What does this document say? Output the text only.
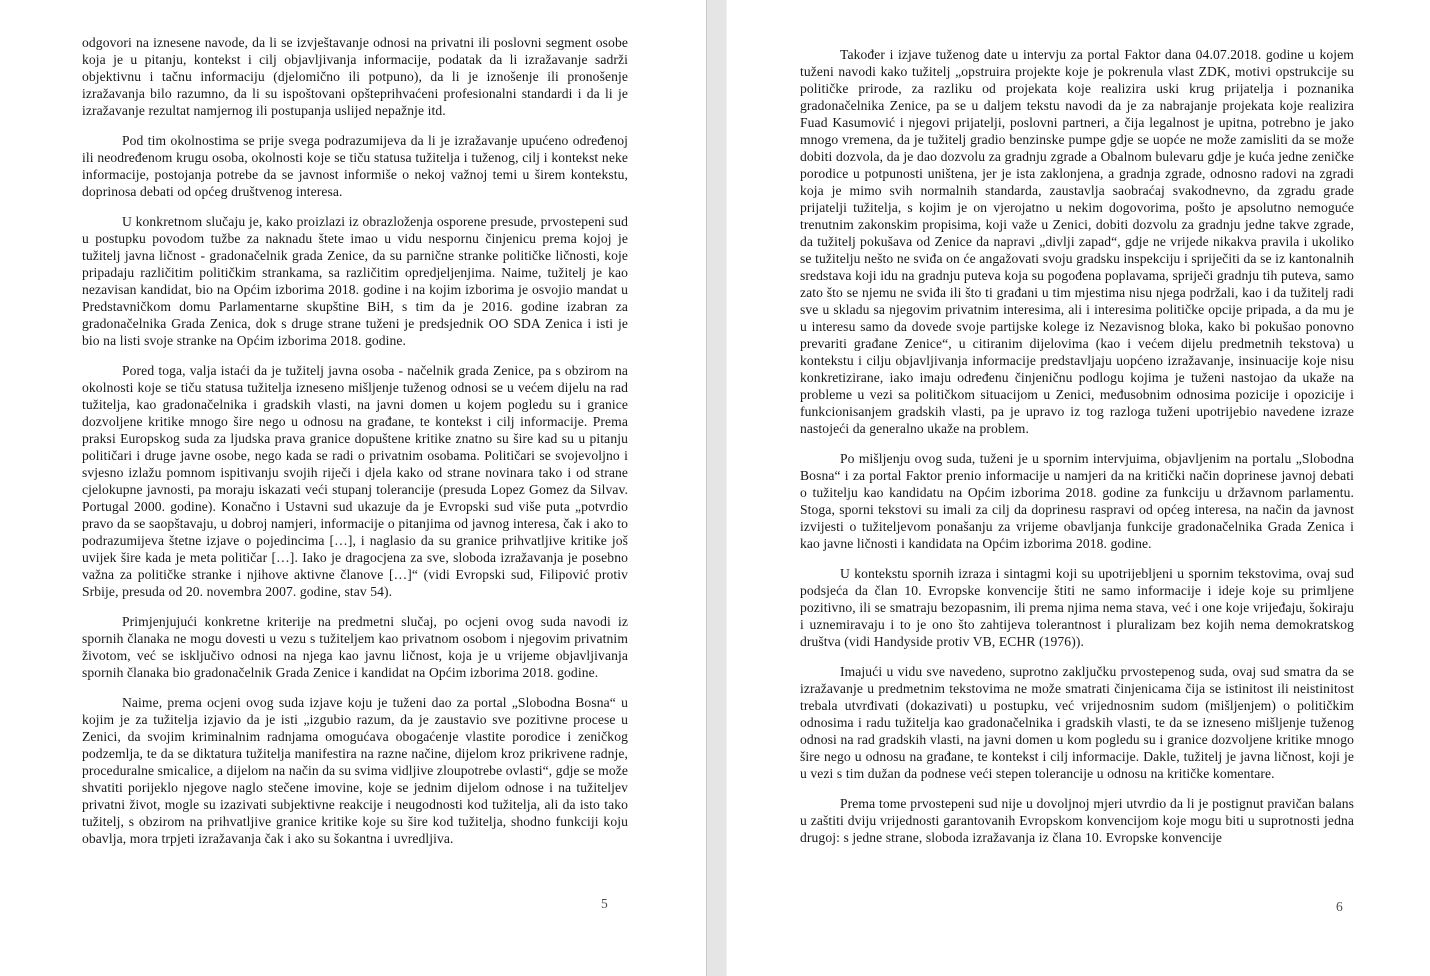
odgovori na iznesene navode, da li se izvještavanje odnosi na privatni ili poslovni segment osobe koja je u pitanju, kontekst i cilj objavljivanja informacije, podatak da li izražavanje sadrži objektivnu i tačnu informaciju (djelomično ili potpuno), da li je iznošenje ili pronošenje izražavanja bilo razumno, da li su ispoštovani opšteprihvaćeni profesionalni standardi i da li je izražavanje rezultat namjernog ili postupanja uslijed nepažnje itd.

Pod tim okolnostima se prije svega podrazumijeva da li je izražavanje upućeno određenoj ili neodređenom krugu osoba, okolnosti koje se tiču statusa tužitelja i tuženog, cilj i kontekst neke informacije, postojanja potrebe da se javnost informiše o nekoj važnoj temi u širem kontekstu, doprinosa debati od općeg društvenog interesa.

U konkretnom slučaju je, kako proizlazi iz obrazloženja osporene presude, prvostepeni sud u postupku povodom tužbe za naknadu štete imao u vidu nespornu činjenicu prema kojoj je tužitelj javna ličnost - gradonačelnik grada Zenice, da su parnične stranke političke ličnosti, koje pripadaju različitim političkim strankama, sa različitim opredjeljenjima. Naime, tužitelj je kao nezavisan kandidat, bio na Općim izborima 2018. godine i na kojim izborima je osvojio mandat u Predstavničkom domu Parlamentarne skupštine BiH, s tim da je 2016. godine izabran za gradonačelnika Grada Zenica, dok s druge strane tuženi je predsjednik OO SDA Zenica i isti je bio na listi svoje stranke na Općim izborima 2018. godine.

Pored toga, valja istaći da je tužitelj javna osoba - načelnik grada Zenice, pa s obzirom na okolnosti koje se tiču statusa tužitelja izneseno mišljenje tuženog odnosi se u većem dijelu na rad tužitelja, kao gradonačelnika i gradskih vlasti, na javni domen u kojem pogledu su i granice dozvoljene kritike mnogo šire nego u odnosu na građane, te kontekst i cilj informacije. Prema praksi Europskog suda za ljudska prava granice dopuštene kritike znatno su šire kad su u pitanju političari i druge javne osobe, nego kada se radi o privatnim osobama. Političari se svojevoljno i svjesno izlažu pomnom ispitivanju svojih riječi i djela kako od strane novinara tako i od strane cjelokupne javnosti, pa moraju iskazati veći stupanj tolerancije (presuda Lopez Gomez da Silvav. Portugal 2000. godine). Konačno i Ustavni sud ukazuje da je Evropski sud više puta „potvrdio pravo da se saopštavaju, u dobroj namjeri, informacije o pitanjima od javnog interesa, čak i ako to podrazumijeva štetne izjave o pojedincima […], i naglasio da su granice prihvatljive kritike još uvijek šire kada je meta političar […]. Iako je dragocjena za sve, sloboda izražavanja je posebno važna za političke stranke i njihove aktivne članove […]“ (vidi Evropski sud, Filipović protiv Srbije, presuda od 20. novembra 2007. godine, stav 54).

Primjenjujući konkretne kriterije na predmetni slučaj, po ocjeni ovog suda navodi iz spornih članaka ne mogu dovesti u vezu s tužiteljem kao privatnom osobom i njegovim privatnim životom, već se isključivo odnosi na njega kao javnu ličnost, koja je u vrijeme objavljivanja spornih članaka bio gradonačelnik Grada Zenice i kandidat na Općim izborima 2018. godine.

Naime, prema ocjeni ovog suda izjave koju je tuženi dao za portal „Slobodna Bosna“ u kojim je za tužitelja izjavio da je isti „izgubio razum, da je zaustavio sve pozitivne procese u Zenici, da svojim kriminalnim radnjama omogućava obogaćenje vlastite porodice i zeničkog podzemlja, te da se diktatura tužitelja manifestira na razne načine, dijelom kroz prikrivene radnje, proceduralne smicalice, a dijelom na način da su svima vidljive zloupotrebe ovlasti“, gdje se može shvatiti porijeklo njegove naglo stečene imovine, koje se jednim dijelom odnose i na tužiteljev privatni život, mogle su izazivati subjektivne reakcije i neugodnosti kod tužitelja, ali da isto tako tužitelj, s obzirom na prihvatljive granice kritike koje su šire kod tužitelja, shodno funkciji koju obavlja, mora trpjeti izražavanja čak i ako su šokantna i uvredljiva.

5

Također i izjave tuženog date u intervju za portal Faktor dana 04.07.2018. godine u kojem tuženi navodi kako tužitelj „opstruira projekte koje je pokrenula vlast ZDK, motivi opstrukcije su političke prirode, za razliku od projekata koje realizira uski krug prijatelja i poznanika gradonačelnika Zenice, pa se u daljem tekstu navodi da je za nabrajanje projekata koje realizira Fuad Kasumović i njegovi prijatelji, poslovni partneri, a čija legalnost je upitna, potrebno je jako mnogo vremena, da je tužitelj gradio benzinske pumpe gdje se uopće ne može zamisliti da se može dobiti dozvola, da je dao dozvolu za gradnju zgrade a Obalnom bulevaru gdje je kuća jedne zeničke porodice u potpunosti uništena, jer je ista zaklonjena, a gradnja zgrade, odnosno radovi na zgradi koja je mimo svih normalnih standarda, zaustavlja saobraćaj svakodnevno, da zgradu grade prijatelji tužitelja, s kojim je on vjerojatno u nekim dogovorima, pošto je apsolutno nemoguće trenutnim zakonskim propisima, koji važe u Zenici, dobiti dozvolu za gradnju jedne takve zgrade, da tužitelj pokušava od Zenice da napravi „divlji zapad“, gdje ne vrijede nikakva pravila i ukoliko se tužitelju nešto ne sviđa on će angažovati svoju gradsku inspekciju i spriječiti da se iz kantonalnih sredstava koji idu na gradnju puteva koja su pogođena poplavama, spriječi gradnju tih puteva, samo zato što se njemu ne sviđa ili što ti građani u tim mjestima nisu njega podržali, kao i da tužitelj radi sve u skladu sa njegovim privatnim interesima, ali i interesima političke opcije pripada, a da mu je u interesu samo da dovede svoje partijske kolege iz Nezavisnog bloka, kako bi pokušao ponovno prevariti građane Zenice“, u citiranim dijelovima (kao i većem dijelu predmetnih tekstova) u kontekstu i cilju objavljivanja informacije predstavljaju uopćeno izražavanje, insinuacije koje nisu konkretizirane, iako imaju određenu činjeničnu podlogu kojima je tuženi nastojao da ukaže na probleme u vezi sa političkom situacijom u Zenici, međusobnim odnosima pozicije i opozicije i funkcionisanjem gradskih vlasti, pa je upravo iz tog razloga tuženi upotrijebio navedene izraze nastojeći da generalno ukaže na problem.

Po mišljenju ovog suda, tuženi je u spornim intervjuima, objavljenim na portalu „Slobodna Bosna“ i za portal Faktor prenio informacije u namjeri da na kritički način doprinese javnoj debati o tužitelju kao kandidatu na Općim izborima 2018. godine za funkciju u državnom parlamentu. Stoga, sporni tekstovi su imali za cilj da doprinesu raspravi od općeg interesa, na način da javnost izvijesti o tužiteljevom ponašanju za vrijeme obavljanja funkcije gradonačelnika Grada Zenica i kao javne ličnosti i kandidata na Općim izborima 2018. godine.

U kontekstu spornih izraza i sintagmi koji su upotrijebljeni u spornim tekstovima, ovaj sud podsjeća da član 10. Evropske konvencije štiti ne samo informacije i ideje koje su primljene pozitivno, ili se smatraju bezopasnim, ili prema njima nema stava, već i one koje vrijeđaju, šokiraju i uznemiravaju i to je ono što zahtijeva tolerantnost i pluralizam bez kojih nema demokratskog društva (vidi Handyside protiv VB, ECHR (1976)).

Imajući u vidu sve navedeno, suprotno zaključku prvostepenog suda, ovaj sud smatra da se izražavanje u predmetnim tekstovima ne može smatrati činjenicama čija se istinitost ili neistinitost trebala utvrđivati (dokazivati) u postupku, već vrijednosnim sudom (mišljenjem) o političkim odnosima i radu tužitelja kao gradonačelnika i gradskih vlasti, te da se izneseno mišljenje tuženog odnosi na rad gradskih vlasti, na javni domen u kom pogledu su i granice dozvoljene kritike mnogo šire nego u odnosu na građane, te kontekst i cilj informacije. Dakle, tužitelj je javna ličnost, koji je u vezi s tim dužan da podnese veći stepen tolerancije u odnosu na kritičke komentare.

Prema tome prvostepeni sud nije u dovoljnoj mjeri utvrdio da li je postignut pravičan balans u zaštiti dviju vrijednosti garantovanih Evropskom konvencijom koje mogu biti u suprotnosti jedna drugoj: s jedne strane, sloboda izražavanja iz člana 10. Evropske konvencije

6
